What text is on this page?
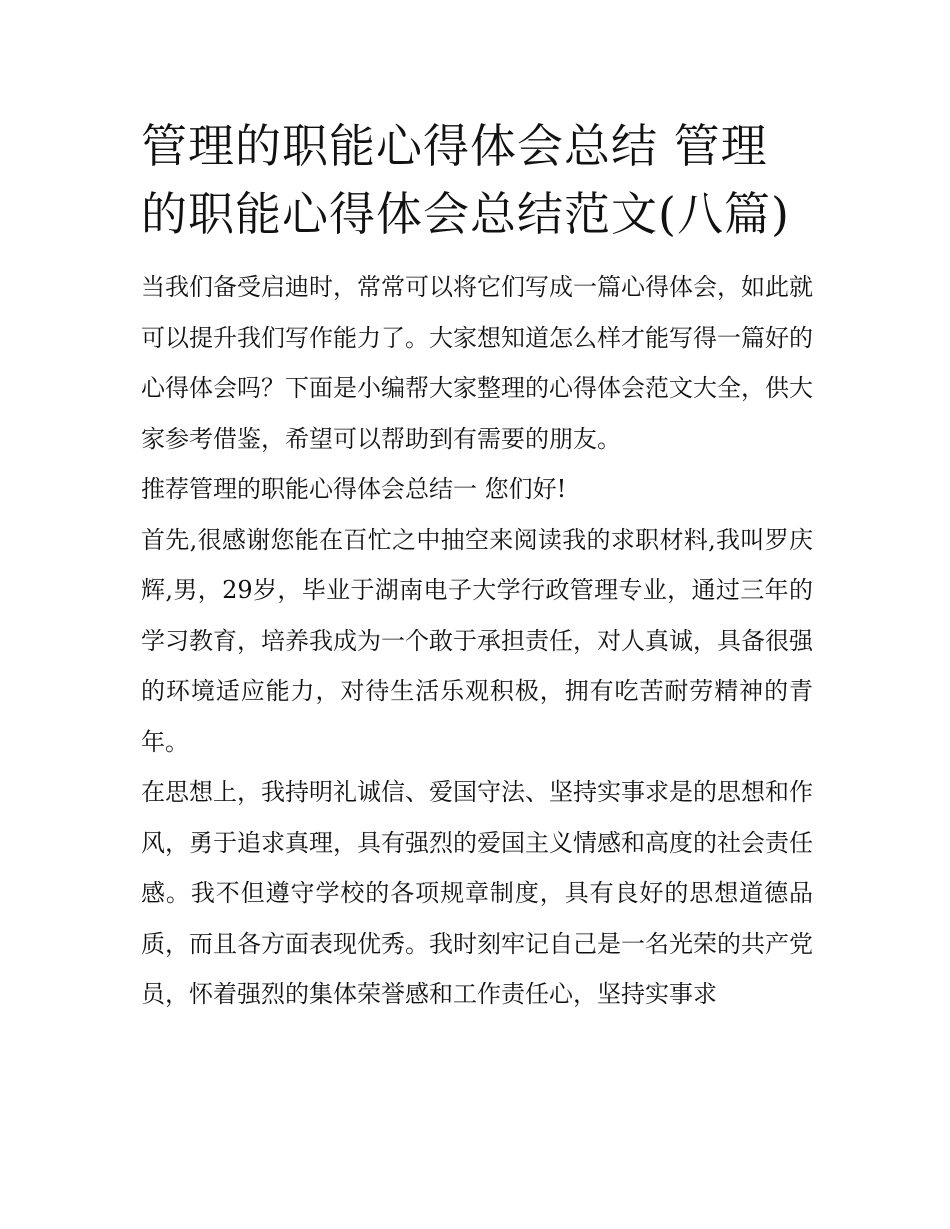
管理的职能心得体会总结 管理的职能心得体会总结范文(八篇)

当我们备受启迪时，常常可以将它们写成一篇心得体会，如此就可以提升我们写作能力了。大家想知道怎么样才能写得一篇好的心得体会吗？下面是小编帮大家整理的心得体会范文大全，供大家参考借鉴，希望可以帮助到有需要的朋友。

推荐管理的职能心得体会总结一 您们好!

首先,很感谢您能在百忙之中抽空来阅读我的求职材料,我叫罗庆辉,男，29岁，毕业于湖南电子大学行政管理专业，通过三年的学习教育，培养我成为一个敢于承担责任，对人真诚，具备很强的环境适应能力，对待生活乐观积极，拥有吃苦耐劳精神的青年。

在思想上，我持明礼诚信、爱国守法、坚持实事求是的思想和作风，勇于追求真理，具有强烈的爱国主义情感和高度的社会责任感。我不但遵守学校的各项规章制度，具有良好的思想道德品质，而且各方面表现优秀。我时刻牢记自己是一名光荣的共产党员，怀着强烈的集体荣誉感和工作责任心，坚持实事求
